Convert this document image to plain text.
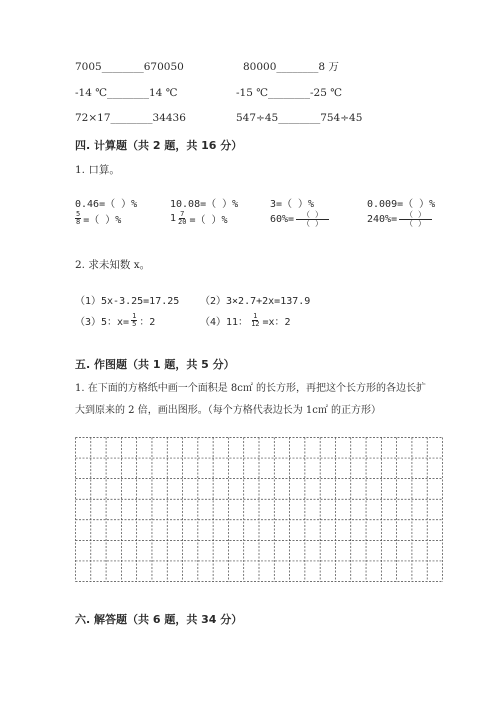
7005________670050	80000________8 万
-14 ℃________14 ℃	-15 ℃________-25 ℃
72×17________34436	547÷45________754÷45
四. 计算题（共 2 题，共 16 分）
1. 口算。
0.46=（ ）%	10.08=（ ）%	3=（ ）%	0.009=（ ）%
$\frac{5}{8}$ =（ ）%	$1 \frac{7}{20}$ =（ ）%	$60\%= \frac{( )}{( )}$	$240\%= \frac{( )}{( )}$
2. 求未知数 x。
（1）5x-3.25=17.25 （2）3×2.7+2x=137.9
（3）5：$x= \frac{1}{5}$ ：2	（4）11： $\frac{1}{12} =x$：2
五. 作图题（共 1 题，共 5 分）
1. 在下面的方格纸中画一个面积是 8c㎡ 的长方形，再把这个长方形的各边长扩
大到原来的 2 倍，画出图形。（每个方格代表边长为 1c㎡ 的正方形）
六. 解答题（共 6 题，共 34 分）
